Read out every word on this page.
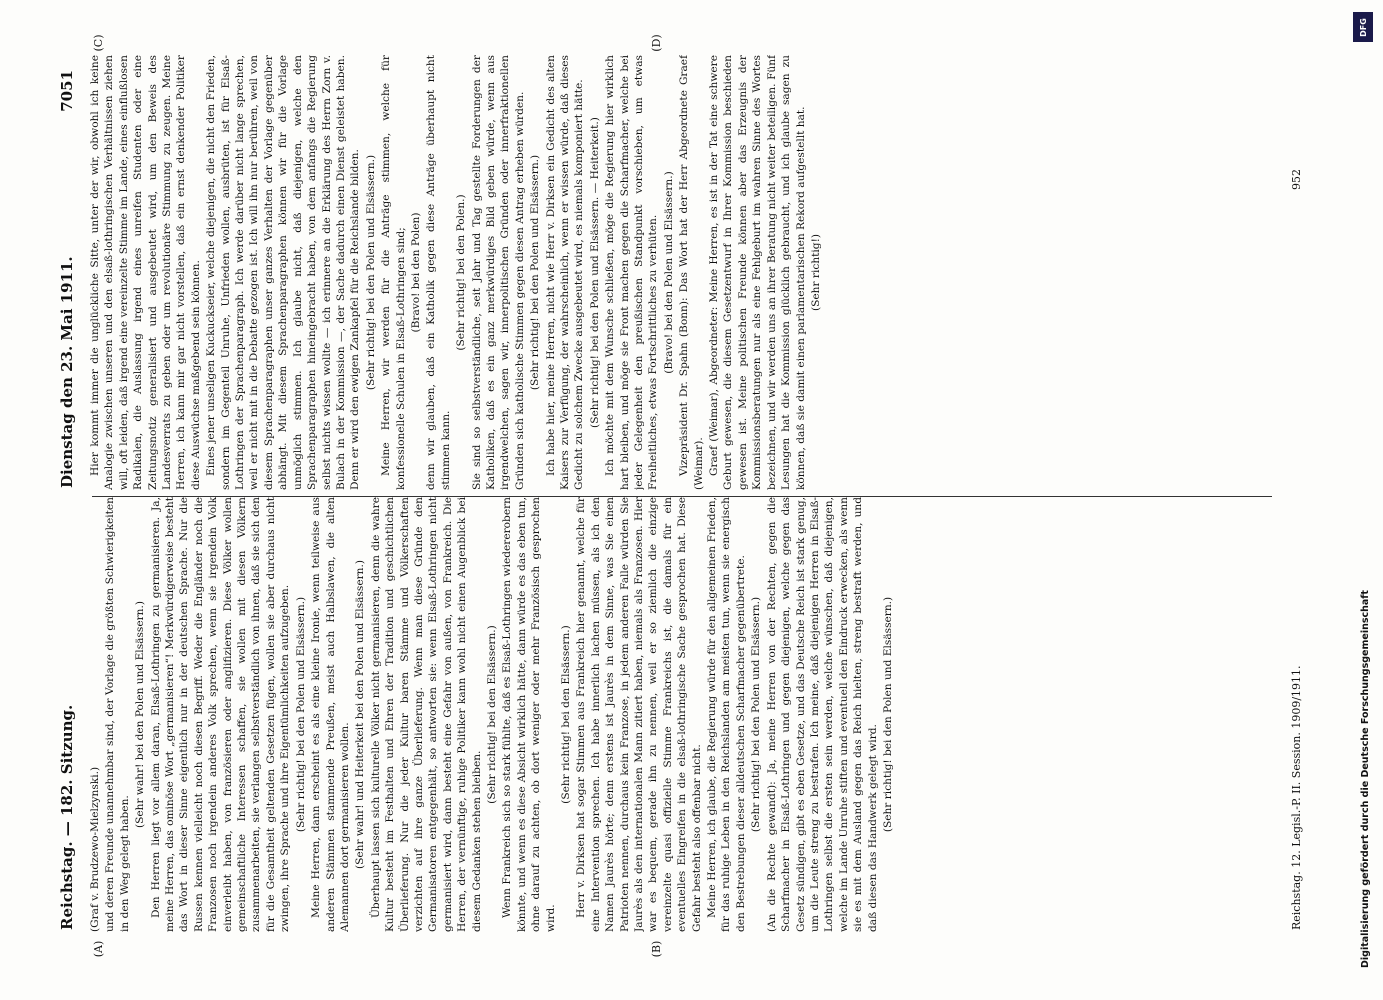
Reichstag. — 182. Sitzung.
Dienstag den 23. Mai 1911.
7051
(A)	(B)
(C)	(D)

(Graf v. Brudzewo-Mielzynski.) und deren Freunde unannehmbar sind, der Vorlage die größten Schwierigkeiten in den Weg gelegt haben.

(Sehr wahr! bei den Polen und Elsässern.) Den Herren liegt vor allem daran, Elsaß-Lothringen zu germanisieren. Ja, meine Herren, das ominöse Wort „germanisieren“! Merkwürdigerweise besteht das Wort in dieser Sinne eigentlich nur in der deutschen Sprache. Nur die Russen kennen vielleicht noch diesen Begriff. Weder die Engländer noch die Franzosen noch irgendein anderes Volk sprechen, wenn sie irgendein Volk einverleibt haben, von französieren oder anglifizieren. Diese Völker wollen gemeinschaftliche Interessen schaffen, sie wollen mit diesen Völkern zusammenarbeiten, sie verlangen selbstverständlich von ihnen, daß sie sich den für die Gesamtheit geltenden Gesetzen fügen, wollen sie aber durchaus nicht zwingen, ihre Sprache und ihre Eigentümlichkeiten aufzugeben. (Sehr richtig! bei den Polen und Elsässern.) Meine Herren, dann erscheint es als eine kleine Ironie, wenn teilweise aus anderen Stämmen stammende Preußen, meist auch Halbslawen, die alten Alemannen dort germanisieren wollen. (Sehr wahr! und Heiterkeit bei den Polen und Elsässern.) Überhaupt lassen sich kulturelle Völker nicht germanisieren, denn die wahre Kultur besteht im Festhalten und Ehren der Tradition und geschichtlichen Überlieferung. Nur die jeder Kultur baren Stämme und Völkerschaften verzichten auf ihre ganze Überlieferung. Wenn man diese Gründe den Germanisatoren entgegenhält, so antworten sie: wenn Elsaß-Lothringen nicht germanisiert wird, dann besteht eine Gefahr von außen, von Frankreich. Die Herren, der vernünftige, ruhige Politiker kann wohl nicht einen Augenblick bei diesem Gedanken stehen bleiben.

(Sehr richtig! bei den Elsässern.) Wenn Frankreich sich so stark fühlte, daß es Elsaß-Lothringen wiedererobern könnte, und wenn es diese Absicht wirklich hätte, dann würde es das eben tun, ohne darauf zu achten, ob dort weniger oder mehr Französisch gesprochen wird.

(Sehr richtig! bei den Elsässern.) Herr v. Dirksen hat sogar Stimmen aus Frankreich hier genannt, welche für eine Intervention sprechen. Ich habe innerlich lachen müssen, als ich den Namen Jaurès hörte; denn erstens ist Jaurès in dem Sinne, was Sie einen Patrioten nennen, durchaus kein Franzose, in jedem anderen Falle würden Sie Jaurès als den internationalen Mann zitiert haben, niemals als Franzosen. Hier war es bequem, gerade ihn zu nennen, weil er so ziemlich die einzige vereinzelte quasi offizielle Stimme Frankreichs ist, die damals für ein eventuelles Eingreifen in die elsaß-lothringische Sache gesprochen hat. Diese Gefahr besteht also offenbar nicht. Meine Herren, ich glaube, die Regierung würde für den allgemeinen Frieden, für das ruhige Leben in den Reichslanden am meisten tun, wenn sie energisch den Bestrebungen dieser alldeutschen Scharfmacher gegenübertrete. (Sehr richtig! bei den Polen und Elsässern.) (An die Rechte gewandt): Ja, meine Herren von der Rechten, gegen die Scharfmacher in Elsaß-Lothringen und gegen diejenigen, welche gegen das Gesetz sündigen, gibt es eben Gesetze, und das Deutsche Reich ist stark genug, um die Leute streng zu bestrafen. Ich meine, daß diejenigen Herren in Elsaß-Lothringen selbst die ersten sein werden, welche wünschen, daß diejenigen, welche im Lande Unruhe stiften und eventuell den Eindruck erwecken, als wenn sie es mit dem Ausland gegen das Reich hielten, streng bestraft werden, und daß diesen das Handwerk gelegt wird. (Sehr richtig! bei den Polen und Elsässern.)

Hier kommt immer die unglückliche Sitte, unter der wir, obwohl ich keine Analogie zwischen unseren und den elsaß-lothringischen Verhältnissen ziehen will, oft leiden, daß irgend eine vereinzelte Stimme im Lande, eines einflußlosen Radikalen, die Auslassung irgend eines unreifen Studenten oder eine Zeitungsnotiz generalisiert und ausgebeutet wird, um den Beweis des Landesverrats zu geben oder um revolutionäre Stimmung zu zeugen. Meine Herren, ich kann mir gar nicht vorstellen, daß ein ernst denkender Politiker diese Auswüchse maßgebend sein können. Eines jener unseligen Kuckuckseier, welche diejenigen, die nicht den Frieden, sondern im Gegenteil Unruhe, Unfrieden wollen, ausbrüten, ist für Elsaß-Lothringen der Sprachenparagraph. Ich werde darüber nicht lange sprechen, weil er nicht mit in die Debatte gezogen ist. Ich will ihn nur berühren, weil von diesem Sprachenparagraphen unser ganzes Verhalten der Vorlage gegenüber abhängt. Mit diesem Sprachenparagraphen können wir für die Vorlage unmöglich stimmen. Ich glaube nicht, daß diejenigen, welche den Sprachenparagraphen hineingebracht haben, von dem anfangs die Regierung selbst nichts wissen wollte — ich erinnere an die Erklärung des Herrn Zorn v. Bulach in der Kommission —, der Sache dadurch einen Dienst geleistet haben. Denn er wird den ewigen Zankapfel für die Reichslande bilden. (Sehr richtig! bei den Polen und Elsässern.) Meine Herren, wir werden für die Anträge stimmen, welche für konfessionelle Schulen in Elsaß-Lothringen sind; (Bravo! bei den Polen) denn wir glauben, daß ein Katholik gegen diese Anträge überhaupt nicht stimmen kann.

(Sehr richtig! bei den Polen.) Sie sind so selbstverständliche, seit Jahr und Tag gestellte Forderungen der Katholiken, daß es ein ganz merkwürdiges Bild geben würde, wenn aus irgendwelchen, sagen wir, innerpolitischen Gründen oder innerfraktionellen Gründen sich katholische Stimmen gegen diesen Antrag erheben würden. (Sehr richtig! bei den Polen und Elsässern.) Ich habe hier, meine Herren, nicht wie Herr v. Dirksen ein Gedicht des alten Kaisers zur Verfügung, der wahrscheinlich, wenn er wissen würde, daß dieses Gedicht zu solchem Zwecke ausgebeutet wird, es niemals komponiert hätte. (Sehr richtig! bei den Polen und Elsässern. — Heiterkeit.) Ich möchte mit dem Wunsche schließen, möge die Regierung hier wirklich hart bleiben, und möge sie Front machen gegen die Scharfmacher, welche bei jeder Gelegenheit den preußischen Standpunkt vorschieben, um etwas Freiheitliches, etwas Fortschrittliches zu verhüten. (Bravo! bei den Polen und Elsässern.) Vizepräsident Dr. Spahn (Bonn): Das Wort hat der Herr Abgeordnete Graef (Weimar). Graef (Weimar), Abgeordneter: Meine Herren, es ist in der Tat eine schwere Geburt gewesen, die diesem Gesetzentwurf in Ihrer Kommission beschieden gewesen ist. Meine politischen Freunde können aber das Erzeugnis der Kommissionsberatungen nur als eine Fehlgeburt im wahren Sinne des Wortes bezeichnen, und wir werden uns an ihrer Beratung nicht weiter beteiligen. Fünf Lesungen hat die Kommission glücklich gebraucht, und ich glaube sagen zu können, daß sie damit einen parlamentarischen Rekord aufgestellt hat. (Sehr richtig!)

Reichstag. 12. Legisl.-P. II. Session. 1909/1911.
952
DFG
Digitalisierung gefördert durch die Deutsche Forschungsgemeinschaft
